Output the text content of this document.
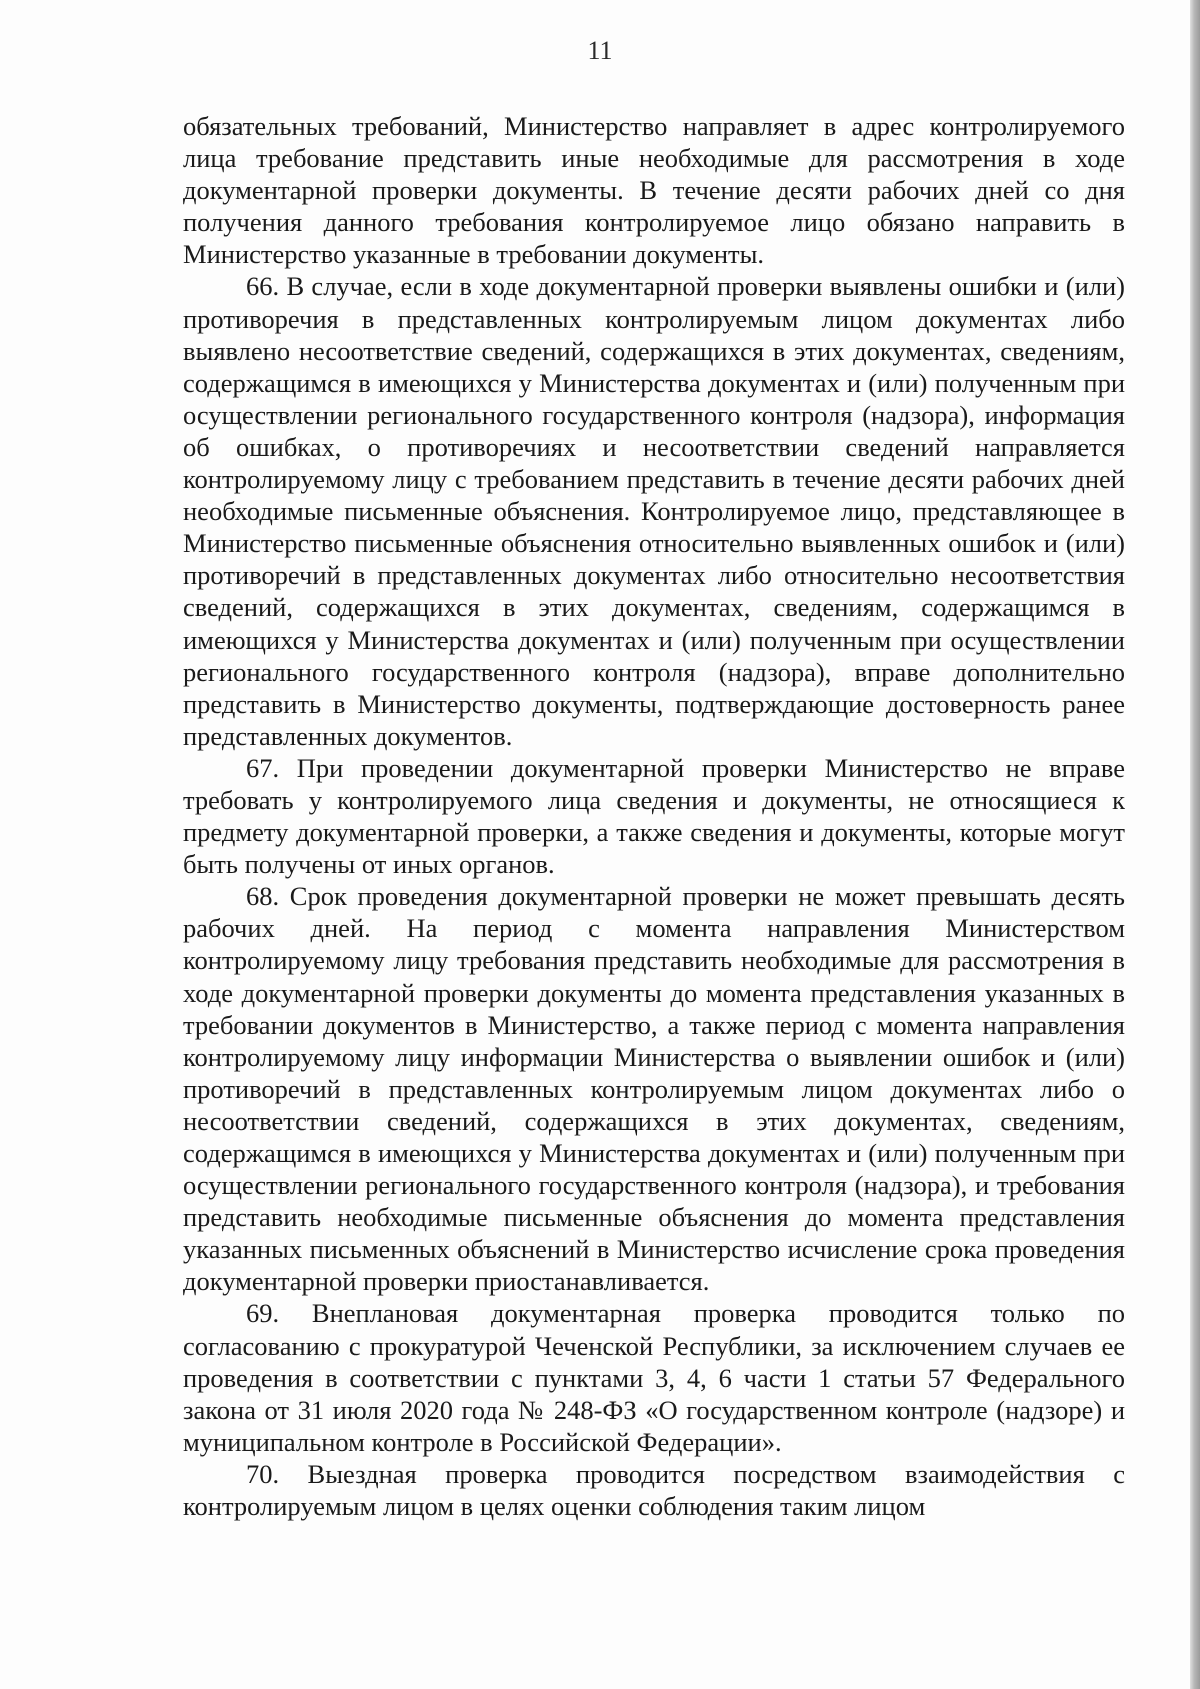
11

обязательных требований, Министерство направляет в адрес контролируемого лица требование представить иные необходимые для рассмотрения в ходе документарной проверки документы. В течение десяти рабочих дней со дня получения данного требования контролируемое лицо обязано направить в Министерство указанные в требовании документы.

66. В случае, если в ходе документарной проверки выявлены ошибки и (или) противоречия в представленных контролируемым лицом документах либо выявлено несоответствие сведений, содержащихся в этих документах, сведениям, содержащимся в имеющихся у Министерства документах и (или) полученным при осуществлении регионального государственного контроля (надзора), информация об ошибках, о противоречиях и несоответствии сведений направляется контролируемому лицу с требованием представить в течение десяти рабочих дней необходимые письменные объяснения. Контролируемое лицо, представляющее в Министерство письменные объяснения относительно выявленных ошибок и (или) противоречий в представленных документах либо относительно несоответствия сведений, содержащихся в этих документах, сведениям, содержащимся в имеющихся у Министерства документах и (или) полученным при осуществлении регионального государственного контроля (надзора), вправе дополнительно представить в Министерство документы, подтверждающие достоверность ранее представленных документов.

67. При проведении документарной проверки Министерство не вправе требовать у контролируемого лица сведения и документы, не относящиеся к предмету документарной проверки, а также сведения и документы, которые могут быть получены от иных органов.

68. Срок проведения документарной проверки не может превышать десять рабочих дней. На период с момента направления Министерством контролируемому лицу требования представить необходимые для рассмотрения в ходе документарной проверки документы до момента представления указанных в требовании документов в Министерство, а также период с момента направления контролируемому лицу информации Министерства о выявлении ошибок и (или) противоречий в представленных контролируемым лицом документах либо о несоответствии сведений, содержащихся в этих документах, сведениям, содержащимся в имеющихся у Министерства документах и (или) полученным при осуществлении регионального государственного контроля (надзора), и требования представить необходимые письменные объяснения до момента представления указанных письменных объяснений в Министерство исчисление срока проведения документарной проверки приостанавливается.

69. Внеплановая документарная проверка проводится только по согласованию с прокуратурой Чеченской Республики, за исключением случаев ее проведения в соответствии с пунктами 3, 4, 6 части 1 статьи 57 Федерального закона от 31 июля 2020 года № 248-ФЗ «О государственном контроле (надзоре) и муниципальном контроле в Российской Федерации».

70. Выездная проверка проводится посредством взаимодействия с контролируемым лицом в целях оценки соблюдения таким лицом
